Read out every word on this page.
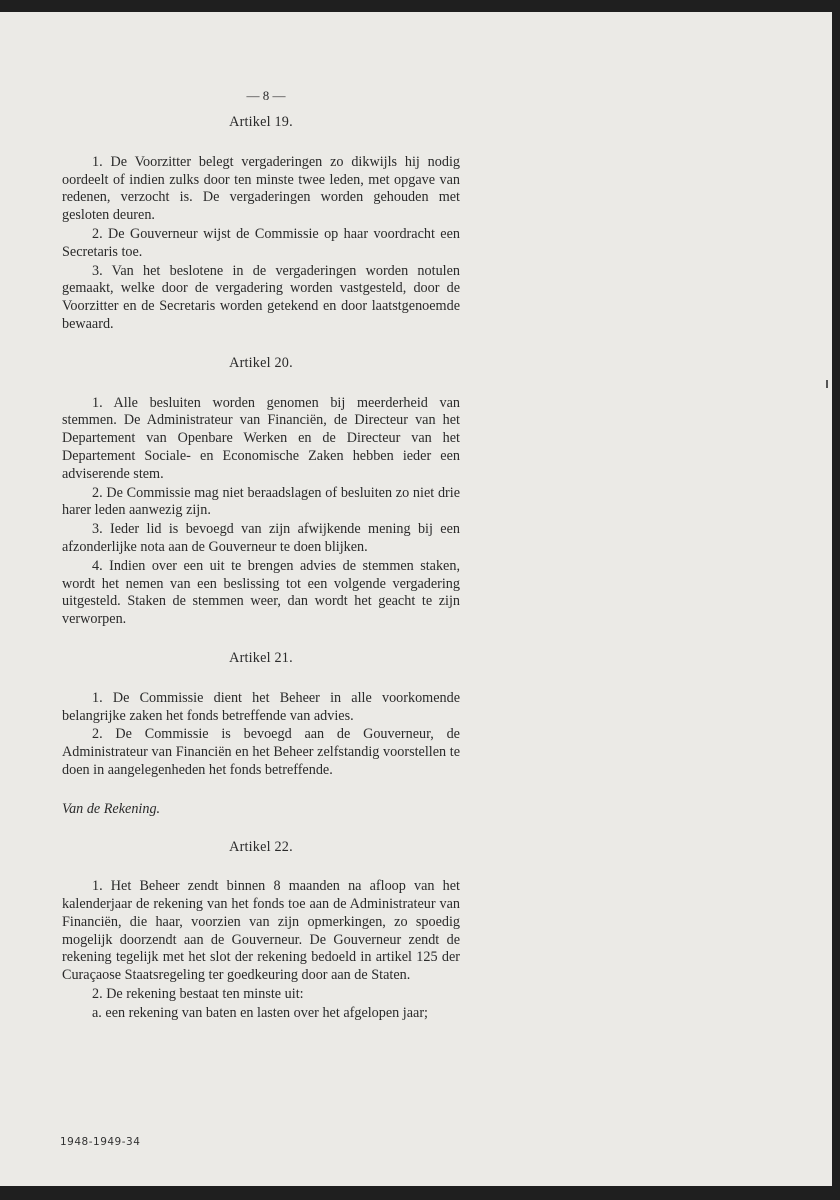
— 8 —
Artikel 19.

1. De Voorzitter belegt vergaderingen zo dikwijls hij nodig oordeelt of indien zulks door ten minste twee leden, met opgave van redenen, verzocht is. De vergaderingen worden gehouden met gesloten deuren.

2. De Gouverneur wijst de Commissie op haar voordracht een Secretaris toe.

3. Van het beslotene in de vergaderingen worden notulen gemaakt, welke door de vergadering worden vastgesteld, door de Voorzitter en de Secretaris worden getekend en door laatstgenoemde bewaard.

Artikel 20.

1. Alle besluiten worden genomen bij meerderheid van stemmen. De Administrateur van Financiën, de Directeur van het Departement van Openbare Werken en de Directeur van het Departement Sociale- en Economische Zaken hebben ieder een adviserende stem.

2. De Commissie mag niet beraadslagen of besluiten zo niet drie harer leden aanwezig zijn.

3. Ieder lid is bevoegd van zijn afwijkende mening bij een afzonderlijke nota aan de Gouverneur te doen blijken.

4. Indien over een uit te brengen advies de stemmen staken, wordt het nemen van een beslissing tot een volgende vergadering uitgesteld. Staken de stemmen weer, dan wordt het geacht te zijn verworpen.

Artikel 21.

1. De Commissie dient het Beheer in alle voorkomende belangrijke zaken het fonds betreffende van advies.

2. De Commissie is bevoegd aan de Gouverneur, de Administrateur van Financiën en het Beheer zelfstandig voorstellen te doen in aangelegenheden het fonds betreffende.

Van de Rekening.
Artikel 22.

1. Het Beheer zendt binnen 8 maanden na afloop van het kalenderjaar de rekening van het fonds toe aan de Administrateur van Financiën, die haar, voorzien van zijn opmerkingen, zo spoedig mogelijk doorzendt aan de Gouverneur. De Gouverneur zendt de rekening tegelijk met het slot der rekening bedoeld in artikel 125 der Curaçaose Staatsregeling ter goedkeuring door aan de Staten.

2. De rekening bestaat ten minste uit:

a. een rekening van baten en lasten over het afgelopen jaar;

1948-1949-34
